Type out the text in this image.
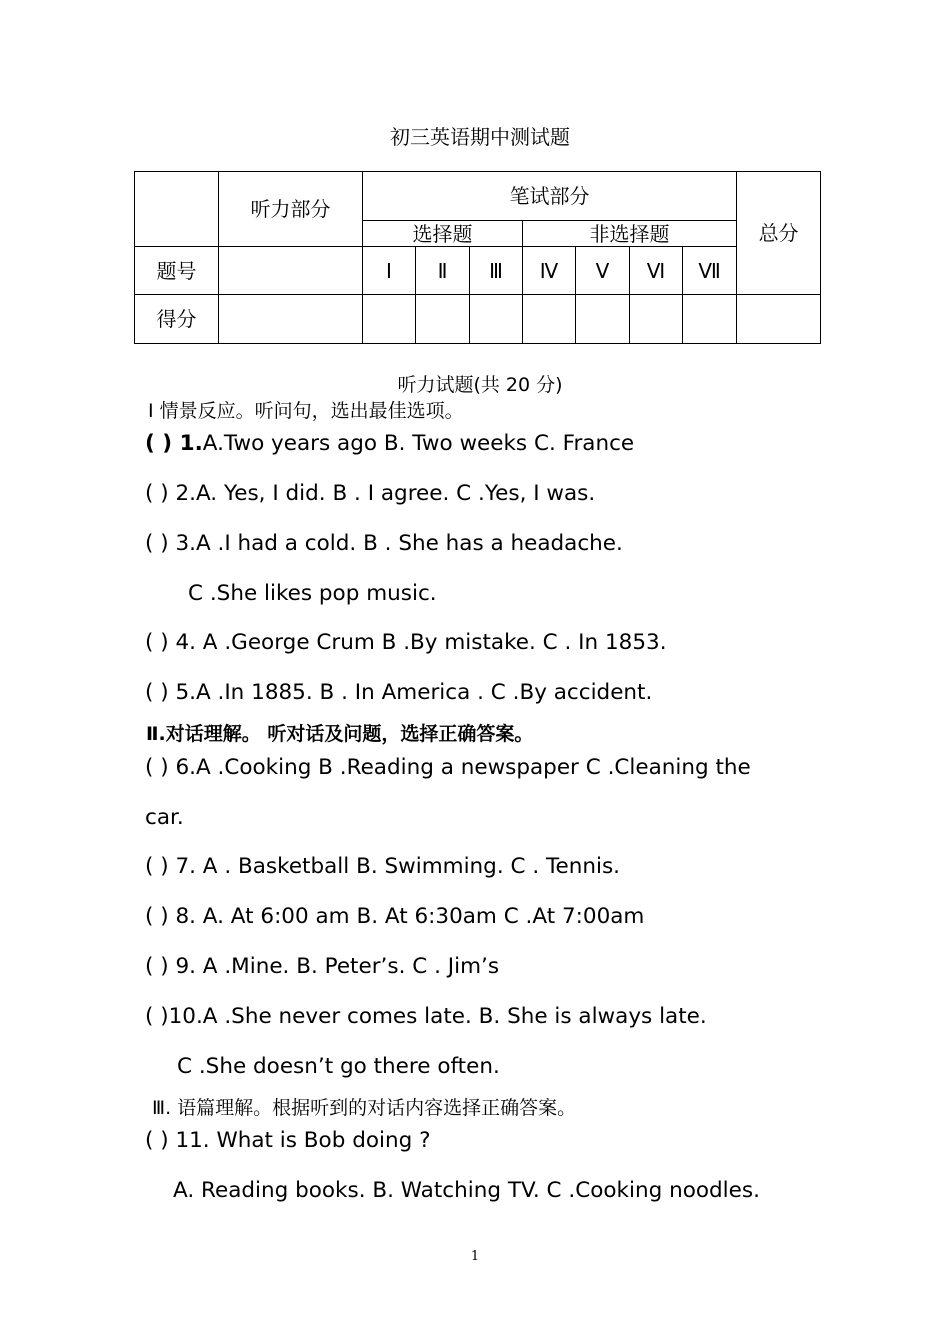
初三英语期中测试题
	听力部分	笔试部分							总分
		选择题			非选择题				
题号		Ⅰ	Ⅱ	Ⅲ	Ⅳ	Ⅴ	Ⅵ	Ⅶ	
得分									
听力试题(共 20 分)
Ⅰ 情景反应。听问句，选出最佳选项。
( ) 1.A.Two years ago B. Two weeks C. France
( ) 2.A. Yes, I did. B . I agree. C .Yes, I was.
( ) 3.A .I had a cold. B . She has a headache.
C .She likes pop music.
( ) 4. A .George Crum B .By mistake. C . In 1853.
( ) 5.A .In 1885. B . In America . C .By accident.
Ⅱ.对话理解。 听对话及问题，选择正确答案。
( ) 6.A .Cooking B .Reading a newspaper C .Cleaning the
car.
( ) 7. A . Basketball B. Swimming. C . Tennis.
( ) 8. A. At 6:00 am B. At 6:30am C .At 7:00am
( ) 9. A .Mine. B. Peter’s. C . Jim’s
( )10.A .She never comes late. B. She is always late.
C .She doesn’t go there often.
Ⅲ. 语篇理解。根据听到的对话内容选择正确答案。
( ) 11. What is Bob doing ?
A. Reading books. B. Watching TV. C .Cooking noodles.
1
